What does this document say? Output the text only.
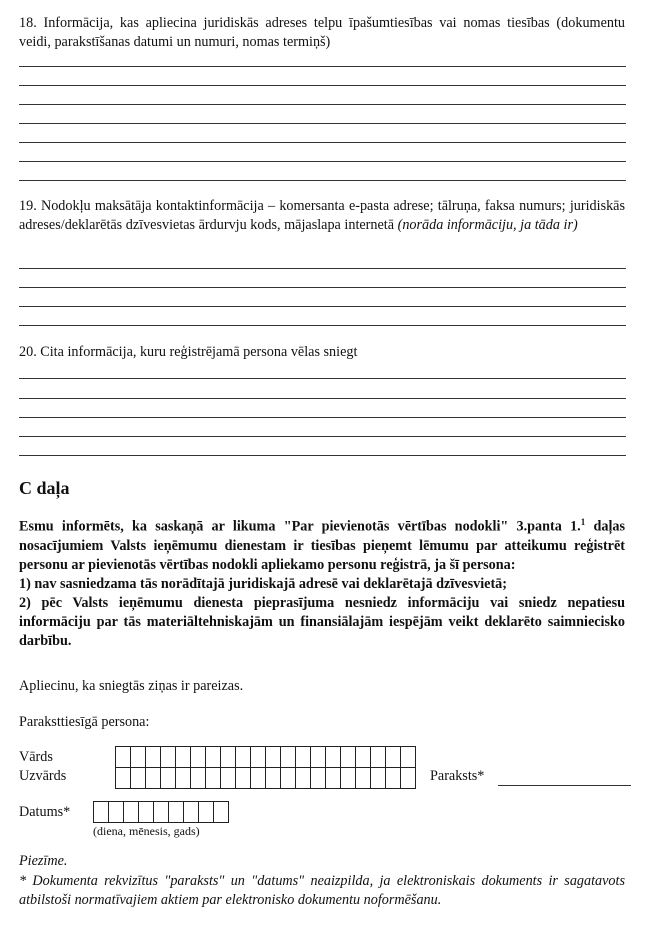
18. Informācija, kas apliecina juridiskās adreses telpu īpašumtiesības vai nomas tiesības (dokumentu veidi, parakstīšanas datumi un numuri, nomas termiņš)
19. Nodokļu maksātāja kontaktinformācija – komersanta e-pasta adrese; tālruņa, faksa numurs; juridiskās adreses/deklarētās dzīvesvietas ārdurvju kods, mājaslapa internetā (norāda informāciju, ja tāda ir)
20. Cita informācija, kuru reģistrējamā persona vēlas sniegt
C daļa
Esmu informēts, ka saskaņā ar likuma "Par pievienotās vērtības nodokli" 3.panta 1.$^1$ daļas nosacījumiem Valsts ieņēmumu dienestam ir tiesības pieņemt lēmumu par atteikumu reģistrēt personu ar pievienotās vērtības nodokli apliekamo personu reģistrā, ja šī persona:
1) nav sasniedzama tās norādītajā juridiskajā adresē vai deklarētajā dzīvesvietā;
2) pēc Valsts ieņēmumu dienesta pieprasījuma nesniedz informāciju vai sniedz nepatiesu informāciju par tās materiāltehniskajām un finansiālajām iespējām veikt deklarēto saimniecisko darbību.
Apliecinu, ka sniegtās ziņas ir pareizas.
Paraksttiesīgā persona:
Vārds
Uzvārds	Paraksts*
Datums*
(diena, mēnesis, gads)
Piezīme.
* Dokumenta rekvizītus "paraksts" un "datums" neaizpilda, ja elektroniskais dokuments ir sagatavots atbilstoši normatīvajiem aktiem par elektronisko dokumentu noformēšanu.
